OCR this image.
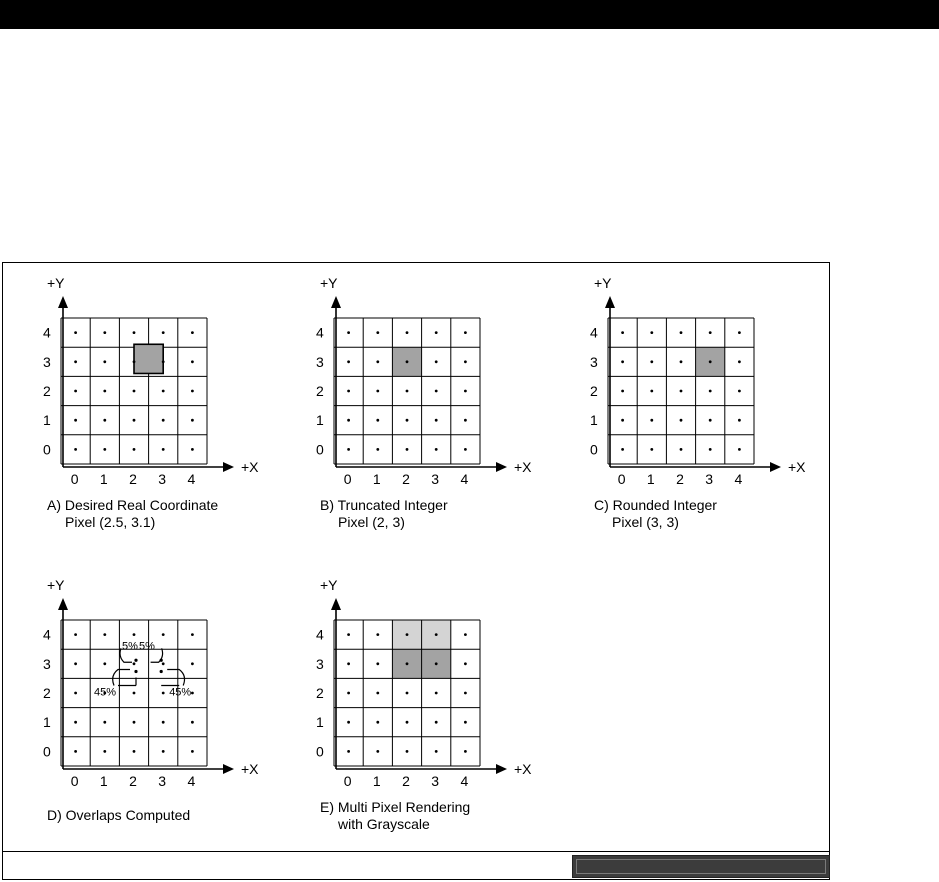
+Y
+X
0
0
1
1
2
2
3
3
4
4
A) Desired Real Coordinate
Pixel (2.5, 3.1)
+Y
+X
0
0
1
1
2
2
3
3
4
4
B) Truncated Integer
Pixel (2, 3)
+Y
+X
0
0
1
1
2
2
3
3
4
4
C) Rounded Integer
Pixel (3, 3)
+Y
+X
0
0
1
1
2
2
3
3
4
4
D) Overlaps Computed
5% 5%
45%	45%
+Y
+X
0
0
1
1
2
2
3
3
4
4
E) Multi Pixel Rendering
with Grayscale
